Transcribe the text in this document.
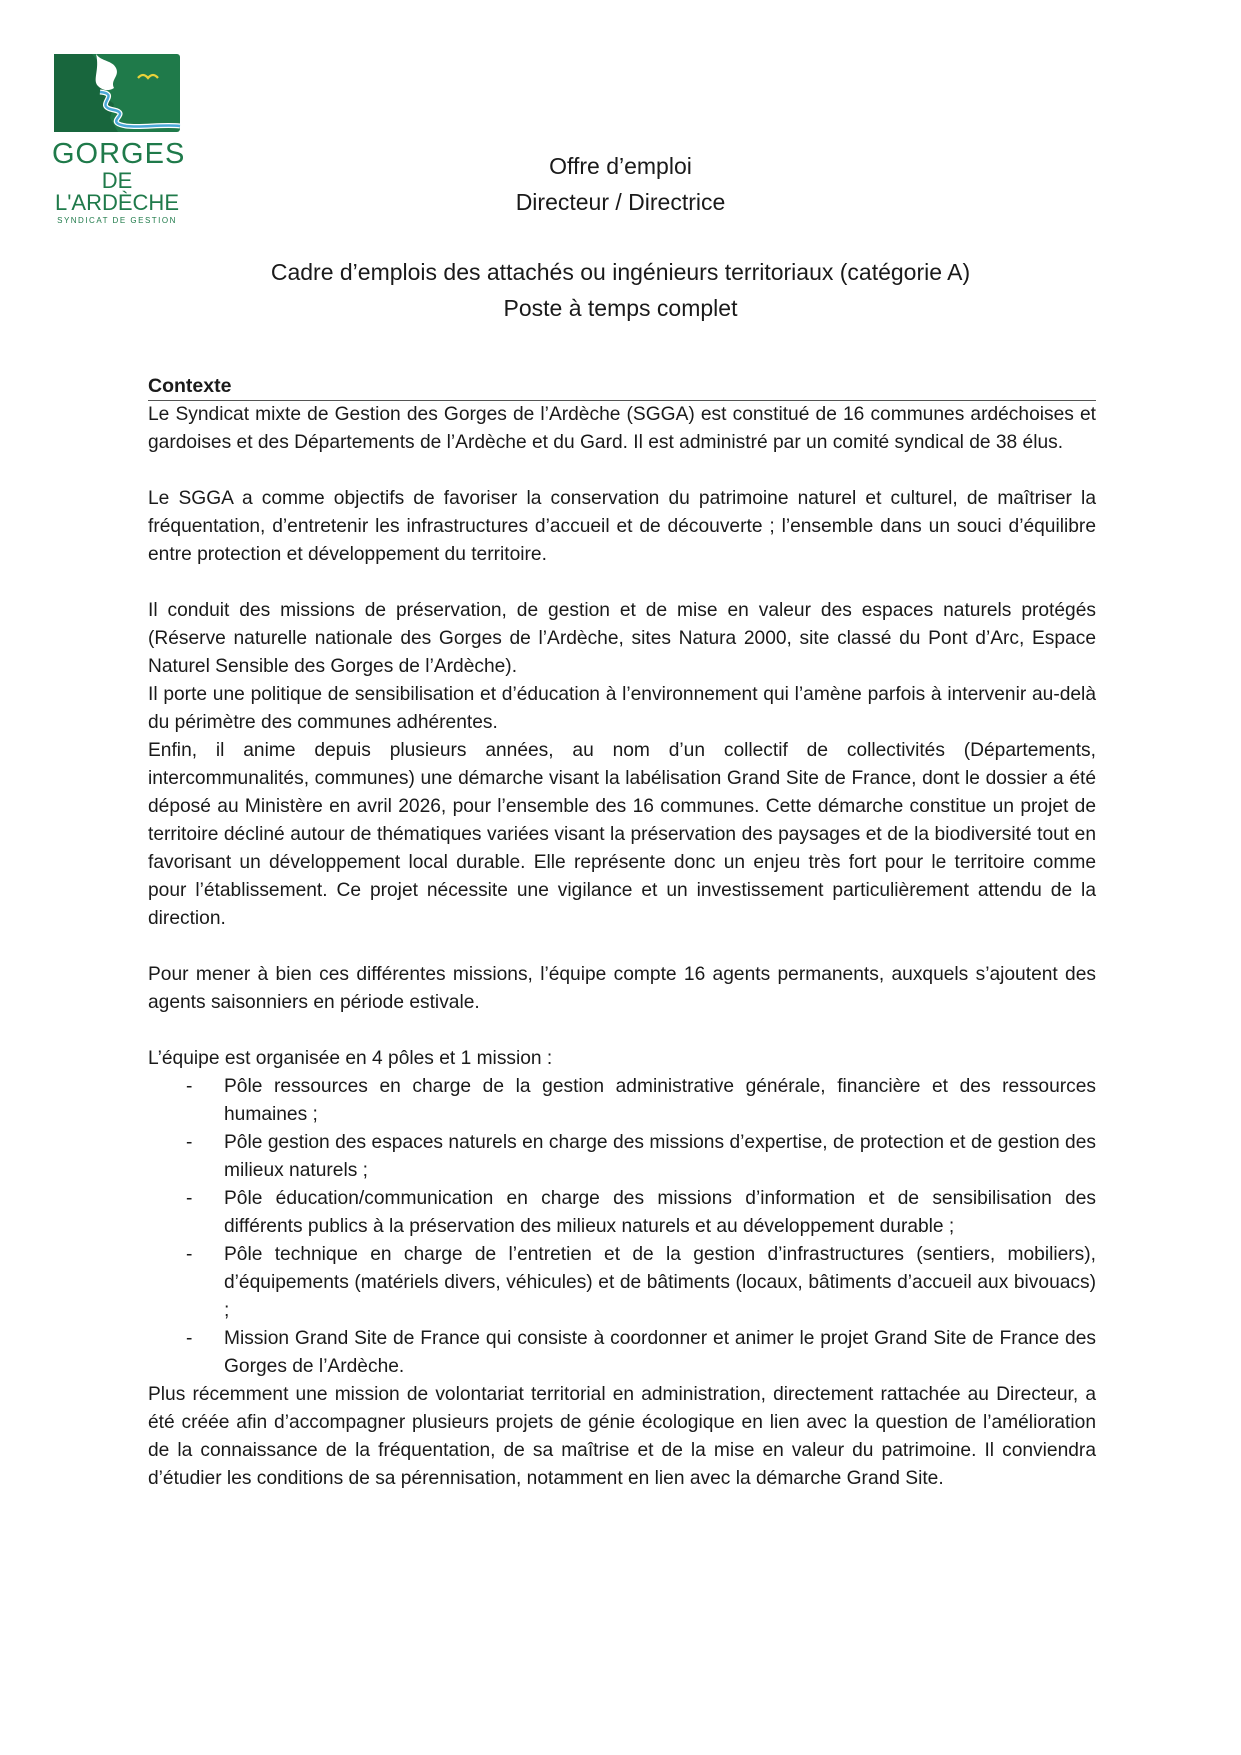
GORGES
DE L'ARDÈCHE
SYNDICAT DE GESTION
Offre d’emploi
Directeur / Directrice
Cadre d’emplois des attachés ou ingénieurs territoriaux (catégorie A)
Poste à temps complet
Contexte

Le Syndicat mixte de Gestion des Gorges de l’Ardèche (SGGA) est constitué de 16 communes ardéchoises et gardoises et des Départements de l’Ardèche et du Gard. Il est administré par un comité syndical de 38 élus.

Le SGGA a comme objectifs de favoriser la conservation du patrimoine naturel et culturel, de maîtriser la fréquentation, d’entretenir les infrastructures d’accueil et de découverte ; l’ensemble dans un souci d’équilibre entre protection et développement du territoire.

Il conduit des missions de préservation, de gestion et de mise en valeur des espaces naturels protégés (Réserve naturelle nationale des Gorges de l’Ardèche, sites Natura 2000, site classé du Pont d’Arc, Espace Naturel Sensible des Gorges de l’Ardèche).

Il porte une politique de sensibilisation et d’éducation à l’environnement qui l’amène parfois à intervenir au-delà du périmètre des communes adhérentes.

Enfin, il anime depuis plusieurs années, au nom d’un collectif de collectivités (Départements, intercommunalités, communes) une démarche visant la labélisation Grand Site de France, dont le dossier a été déposé au Ministère en avril 2026, pour l’ensemble des 16 communes. Cette démarche constitue un projet de territoire décliné autour de thématiques variées visant la préservation des paysages et de la biodiversité tout en favorisant un développement local durable. Elle représente donc un enjeu très fort pour le territoire comme pour l’établissement. Ce projet nécessite une vigilance et un investissement particulièrement attendu de la direction.

Pour mener à bien ces différentes missions, l’équipe compte 16 agents permanents, auxquels s’ajoutent des agents saisonniers en période estivale.

L’équipe est organisée en 4 pôles et 1 mission :

- Pôle ressources en charge de la gestion administrative générale, financière et des ressources humaines ;
- Pôle gestion des espaces naturels en charge des missions d’expertise, de protection et de gestion des milieux naturels ;
- Pôle éducation/communication en charge des missions d’information et de sensibilisation des différents publics à la préservation des milieux naturels et au développement durable ;
- Pôle technique en charge de l’entretien et de la gestion d’infrastructures (sentiers, mobiliers), d’équipements (matériels divers, véhicules) et de bâtiments (locaux, bâtiments d’accueil aux bivouacs) ;
- Mission Grand Site de France qui consiste à coordonner et animer le projet Grand Site de France des Gorges de l’Ardèche.

Plus récemment une mission de volontariat territorial en administration, directement rattachée au Directeur, a été créée afin d’accompagner plusieurs projets de génie écologique en lien avec la question de l’amélioration de la connaissance de la fréquentation, de sa maîtrise et de la mise en valeur du patrimoine. Il conviendra d’étudier les conditions de sa pérennisation, notamment en lien avec la démarche Grand Site.
